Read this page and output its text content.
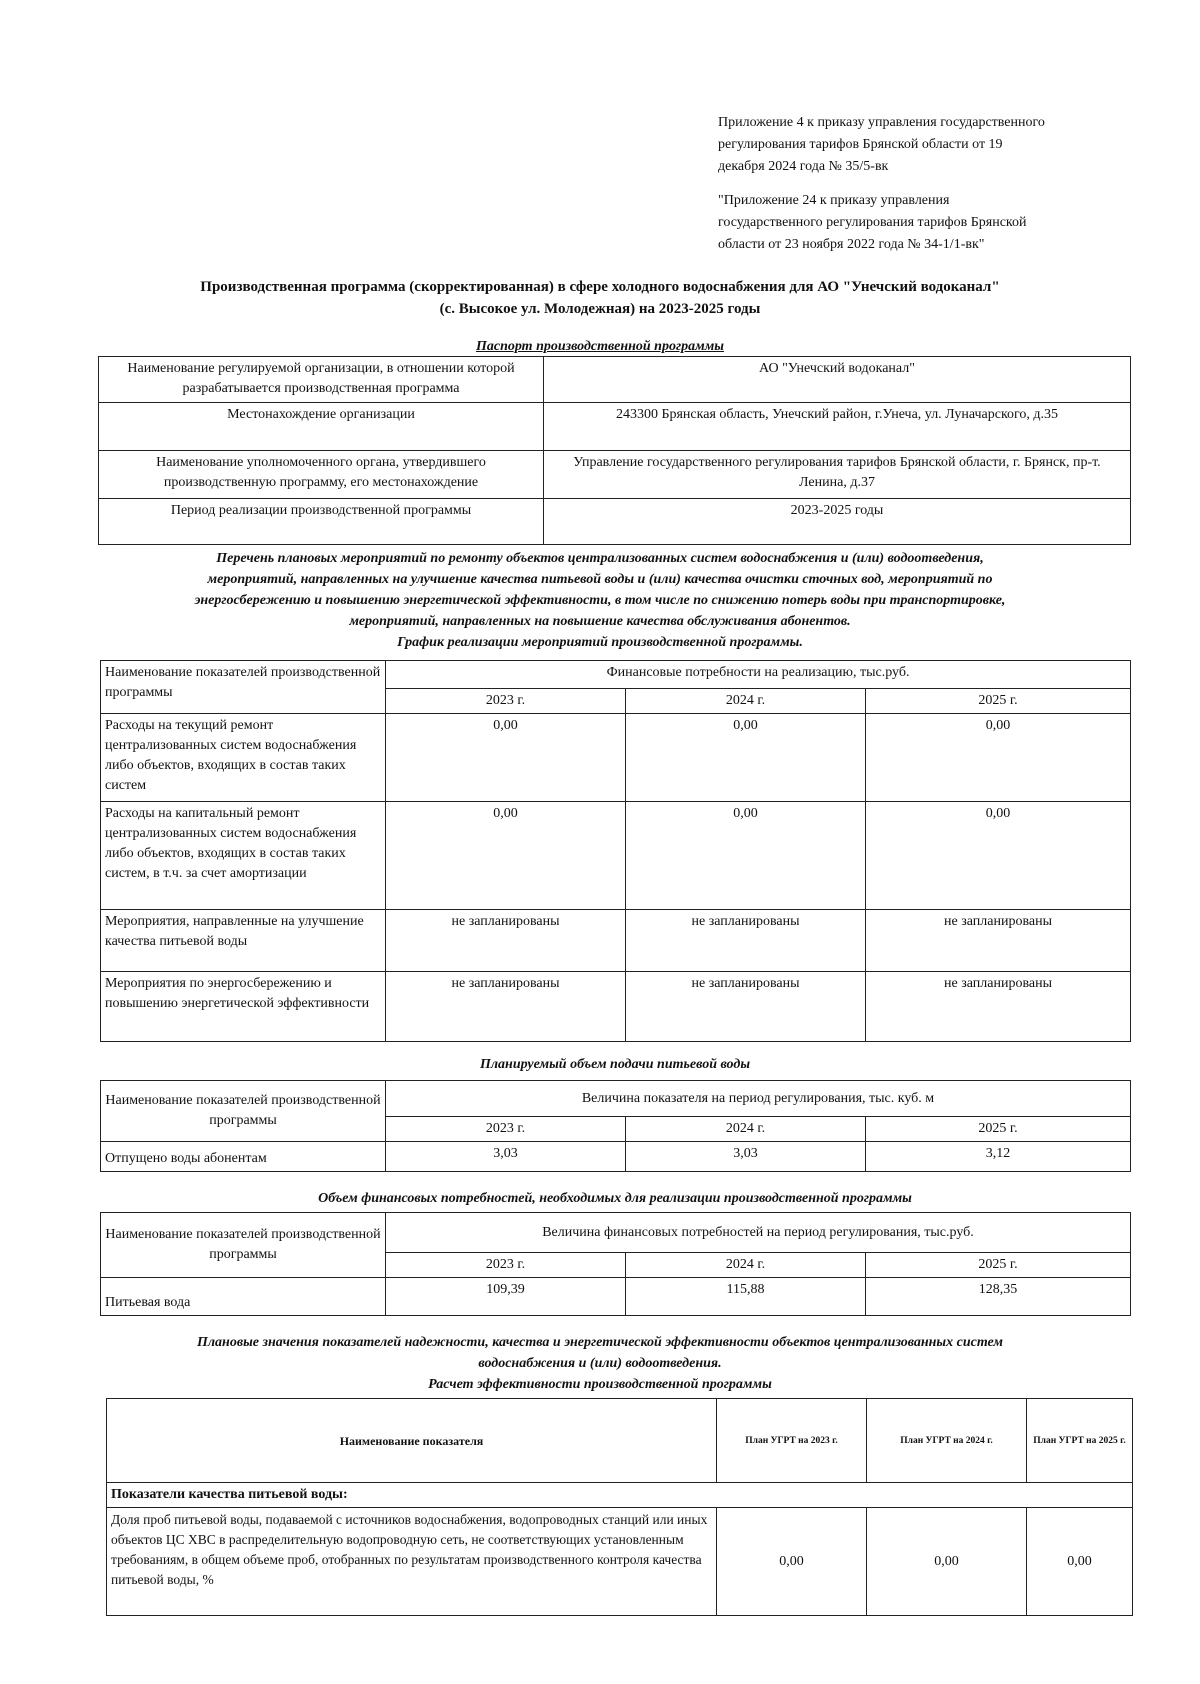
Приложение 4 к приказу управления государственного
регулирования тарифов Брянской области от 19
декабря 2024 года № 35/5-вк
"Приложение 24 к приказу управления
государственного регулирования тарифов Брянской
области от 23 ноября 2022 года № 34-1/1-вк"
Производственная программа (скорректированная) в сфере холодного водоснабжения для АО "Унечский водоканал"
(с. Высокое ул. Молодежная) на 2023-2025 годы
Паспорт производственной программы
Наименование регулируемой организации, в отношении которой разрабатывается производственная программа	АО "Унечский водоканал"
Местонахождение организации	243300 Брянская область, Унечский район, г.Унеча, ул. Луначарского, д.35
Наименование уполномоченного органа, утвердившего производственную программу, его местонахождение	Управление государственного регулирования тарифов Брянской области, г. Брянск, пр-т. Ленина, д.37
Период реализации производственной программы	2023-2025 годы
Перечень плановых мероприятий по ремонту объектов централизованных систем водоснабжения и (или) водоотведения,
мероприятий, направленных на улучшение качества питьевой воды и (или) качества очистки сточных вод, мероприятий по
энергосбережению и повышению энергетической эффективности, в том числе по снижению потерь воды при транспортировке,
мероприятий, направленных на повышение качества обслуживания абонентов.
График реализации мероприятий производственной программы.
Наименование показателей производственной программы	Финансовые потребности на реализацию, тыс.руб.		
	2023 г.	2024 г.	2025 г.
Расходы на текущий ремонт централизованных систем водоснабжения либо объектов, входящих в состав таких систем	0,00	0,00	0,00
Расходы на капитальный ремонт централизованных систем водоснабжения либо объектов, входящих в состав таких систем, в т.ч. за счет амортизации	0,00	0,00	0,00
Мероприятия, направленные на улучшение качества питьевой воды	не запланированы	не запланированы	не запланированы
Мероприятия по энергосбережению и повышению энергетической эффективности	не запланированы	не запланированы	не запланированы
Планируемый объем подачи питьевой воды
Наименование показателей производственной программы	Величина показателя на период регулирования, тыс. куб. м		
	2023 г.	2024 г.	2025 г.
Отпущено воды абонентам	3,03	3,03	3,12
Объем финансовых потребностей, необходимых для реализации производственной программы
Наименование показателей производственной программы	Величина финансовых потребностей на период регулирования, тыс.руб.		
	2023 г.	2024 г.	2025 г.
Питьевая вода	109,39	115,88	128,35
Плановые значения показателей надежности, качества и энергетической эффективности объектов централизованных систем
водоснабжения и (или) водоотведения.
Расчет эффективности производственной программы
Наименование показателя	План УГРТ на 2023 г.	План УГРТ на 2024 г.	План УГРТ на 2025 г.
Показатели качества питьевой воды:			
Доля проб питьевой воды, подаваемой с источников водоснабжения, водопроводных станций или иных объектов ЦС ХВС в распределительную водопроводную сеть, не соответствующих установленным требованиям, в общем объеме проб, отобранных по результатам производственного контроля качества питьевой воды, %	0,00	0,00	0,00
